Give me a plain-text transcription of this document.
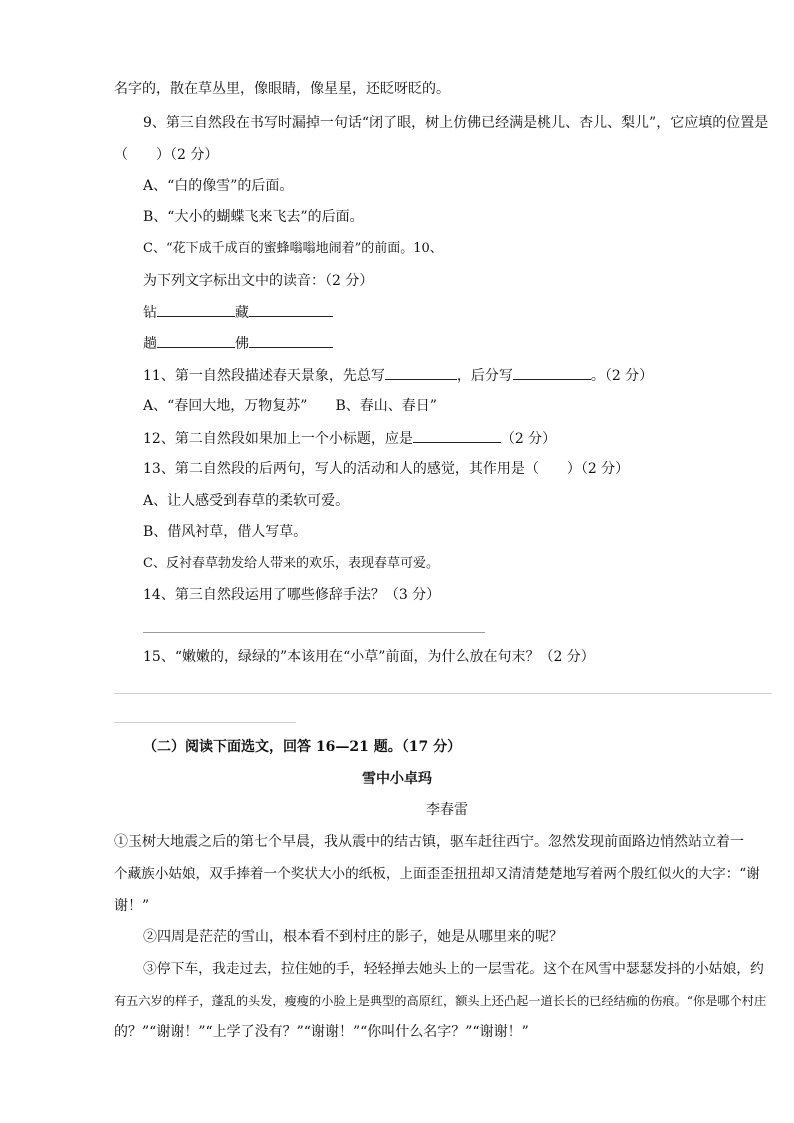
名字的，散在草丛里，像眼睛，像星星，还眨呀眨的。
9、第三自然段在书写时漏掉一句话“闭了眼，树上仿佛已经满是桃儿、杏儿、梨儿”，它应填的位置是
（　　）（2 分）
A、“白的像雪”的后面。
B、“大小的蝴蝶飞来飞去”的后面。
C、“花下成千成百的蜜蜂嗡嗡地闹着”的前面。10、
为下列文字标出文中的读音：（2 分）
钻	藏
趟	佛
11、第一自然段描述春天景象，先总写	，后分写	。（2 分）
A、“春回大地，万物复苏” B、春山、春日”
12、第二自然段如果加上一个小标题，应是	（2 分）
13、第二自然段的后两句，写人的活动和人的感觉，其作用是（　　）（2 分）
A、让人感受到春草的柔软可爱。
B、借风衬草，借人写草。
C、反衬春草勃发给人带来的欢乐，表现春草可爱。
14、第三自然段运用了哪些修辞手法？（3 分）
15、“嫩嫩的，绿绿的”本该用在“小草”前面，为什么放在句末？（2 分）
（二）阅读下面选文，回答 16—21 题。（17 分）
雪中小卓玛
李春雷
①玉树大地震之后的第七个早晨，我从震中的结古镇，驱车赶往西宁。忽然发现前面路边悄然站立着一
个藏族小姑娘，双手捧着一个奖状大小的纸板，上面歪歪扭扭却又清清楚楚地写着两个殷红似火的大字：“谢
谢！”
②四周是茫茫的雪山，根本看不到村庄的影子，她是从哪里来的呢？
③停下车，我走过去，拉住她的手，轻轻掸去她头上的一层雪花。这个在风雪中瑟瑟发抖的小姑娘，约
有五六岁的样子，蓬乱的头发，瘦瘦的小脸上是典型的高原红，额头上还凸起一道长长的已经结痂的伤痕。“你是哪个村庄
的？”“谢谢！”“上学了没有？”“谢谢！”“你叫什么名字？”“谢谢！”
